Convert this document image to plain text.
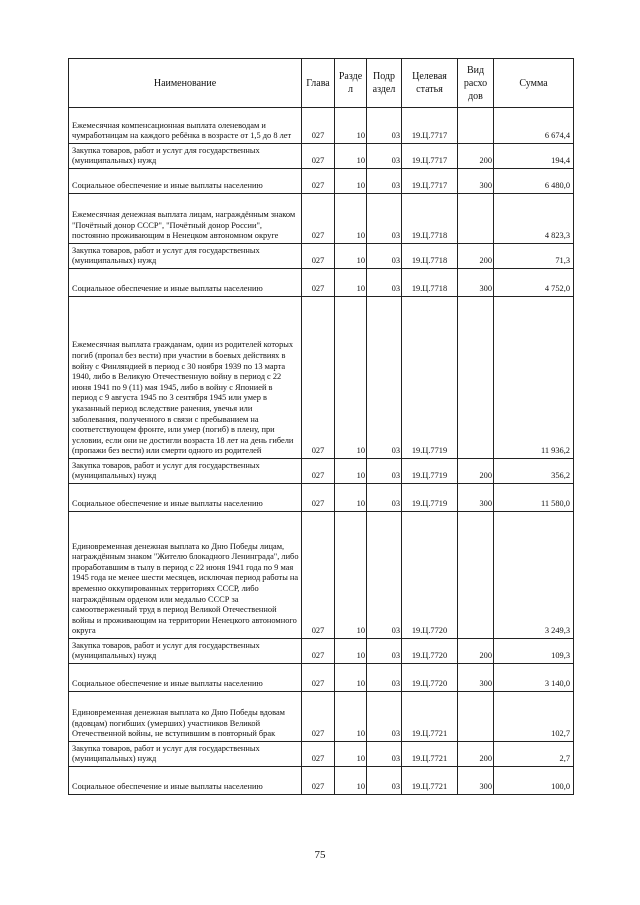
Наименование	Глава	Разде л	Подр аздел	Целевая статья	Вид расхо дов	Сумма
Ежемесячная компенсационная выплата оленеводам и чумработницам на каждого ребёнка в возрасте от 1,5 до 8 лет	027	10	03	19.Ц.7717		6 674,4
Закупка товаров, работ и услуг для государственных (муниципальных) нужд	027	10	03	19.Ц.7717	200	194,4
Социальное обеспечение и иные выплаты населению	027	10	03	19.Ц.7717	300	6 480,0
Ежемесячная денежная выплата лицам, награждённым знаком "Почётный донор СССР", "Почётный донор России", постоянно проживающим в Ненецком автономном округе	027	10	03	19.Ц.7718		4 823,3
Закупка товаров, работ и услуг для государственных (муниципальных) нужд	027	10	03	19.Ц.7718	200	71,3
Социальное обеспечение и иные выплаты населению	027	10	03	19.Ц.7718	300	4 752,0
Ежемесячная выплата гражданам, один из родителей которых погиб (пропал без вести) при участии в боевых действиях в войну с Финляндией в период с 30 ноября 1939 по 13 марта 1940, либо в Великую Отечественную войну в период с 22 июня 1941 по 9 (11) мая 1945, либо в войну с Японией в период с 9 августа 1945 по 3 сентября 1945 или умер в указанный период вследствие ранения, увечья или заболевания, полученного в связи с пребыванием на соответствующем фронте, или умер (погиб) в плену, при условии, если они не достигли возраста 18 лет на день гибели (пропажи без вести) или смерти одного из родителей	027	10	03	19.Ц.7719		11 936,2
Закупка товаров, работ и услуг для государственных (муниципальных) нужд	027	10	03	19.Ц.7719	200	356,2
Социальное обеспечение и иные выплаты населению	027	10	03	19.Ц.7719	300	11 580,0
Единовременная денежная выплата ко Дню Победы лицам, награждённым знаком "Жителю блокадного Ленинграда", либо проработавшим в тылу в период с 22 июня 1941 года по 9 мая 1945 года не менее шести месяцев, исключая период работы на временно оккупированных территориях СССР, либо награждённым орденом или медалью СССР за самоотверженный труд в период Великой Отечественной войны и проживающим на территории Ненецкого автономного округа	027	10	03	19.Ц.7720		3 249,3
Закупка товаров, работ и услуг для государственных (муниципальных) нужд	027	10	03	19.Ц.7720	200	109,3
Социальное обеспечение и иные выплаты населению	027	10	03	19.Ц.7720	300	3 140,0
Единовременная денежная выплата ко Дню Победы вдовам (вдовцам) погибших (умерших) участников Великой Отечественной войны, не вступившим в повторный брак	027	10	03	19.Ц.7721		102,7
Закупка товаров, работ и услуг для государственных (муниципальных) нужд	027	10	03	19.Ц.7721	200	2,7
Социальное обеспечение и иные выплаты населению	027	10	03	19.Ц.7721	300	100,0
75
